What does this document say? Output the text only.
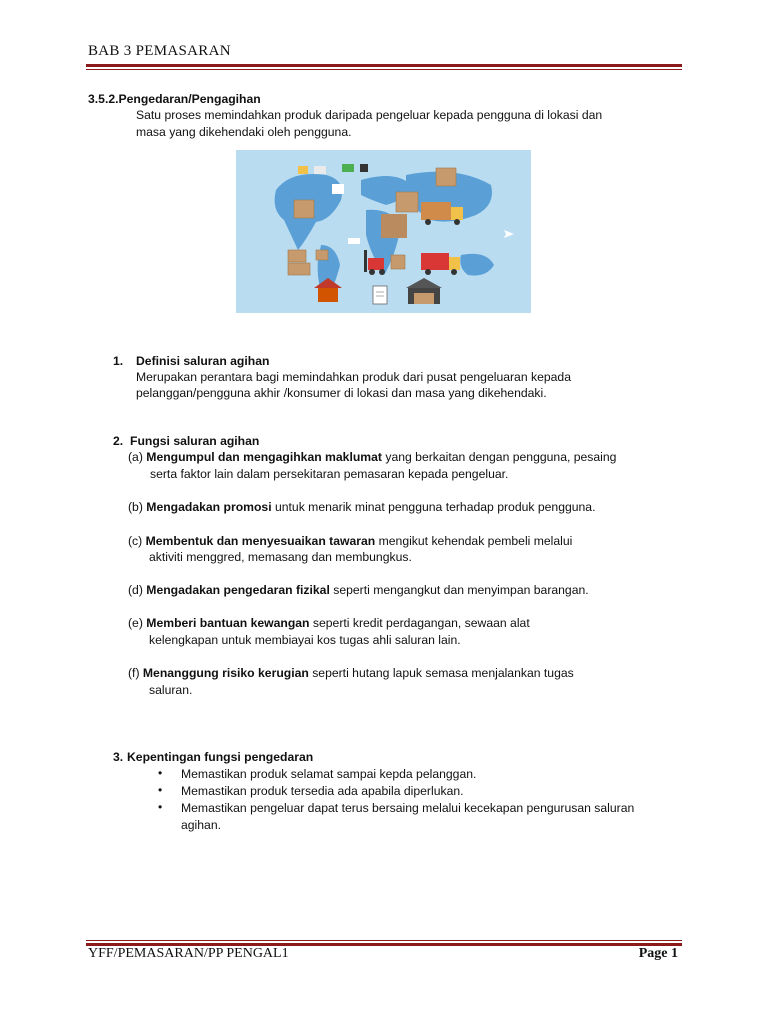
BAB 3 PEMASARAN
3.5.2.Pengedaran/Pengagihan
Satu proses memindahkan produk daripada pengeluar kepada pengguna di lokasi dan
masa yang dikehendaki oleh pengguna.
1. Definisi saluran agihan
Merupakan perantara bagi memindahkan produk dari pusat pengeluaran kepada
pelanggan/pengguna akhir /konsumer di lokasi dan masa yang dikehendaki.
2. Fungsi saluran agihan
(a) Mengumpul dan mengagihkan maklumat yang berkaitan dengan pengguna, pesaing
serta faktor lain dalam persekitaran pemasaran kepada pengeluar.
(b) Mengadakan promosi untuk menarik minat pengguna terhadap produk pengguna.
(c) Membentuk dan menyesuaikan tawaran mengikut kehendak pembeli melalui
aktiviti menggred, memasang dan membungkus.
(d) Mengadakan pengedaran fizikal seperti mengangkut dan menyimpan barangan.
(e) Memberi bantuan kewangan seperti kredit perdagangan, sewaan alat
kelengkapan untuk membiayai kos tugas ahli saluran lain.
(f) Menanggung risiko kerugian seperti hutang lapuk semasa menjalankan tugas
saluran.
3. Kepentingan fungsi pengedaran
• Memastikan produk selamat sampai kepda pelanggan.
• Memastikan produk tersedia ada apabila diperlukan.
• Memastikan pengeluar dapat terus bersaing melalui kecekapan pengurusan saluran
agihan.
YFF/PEMASARAN/PP PENGAL1	Page 1
